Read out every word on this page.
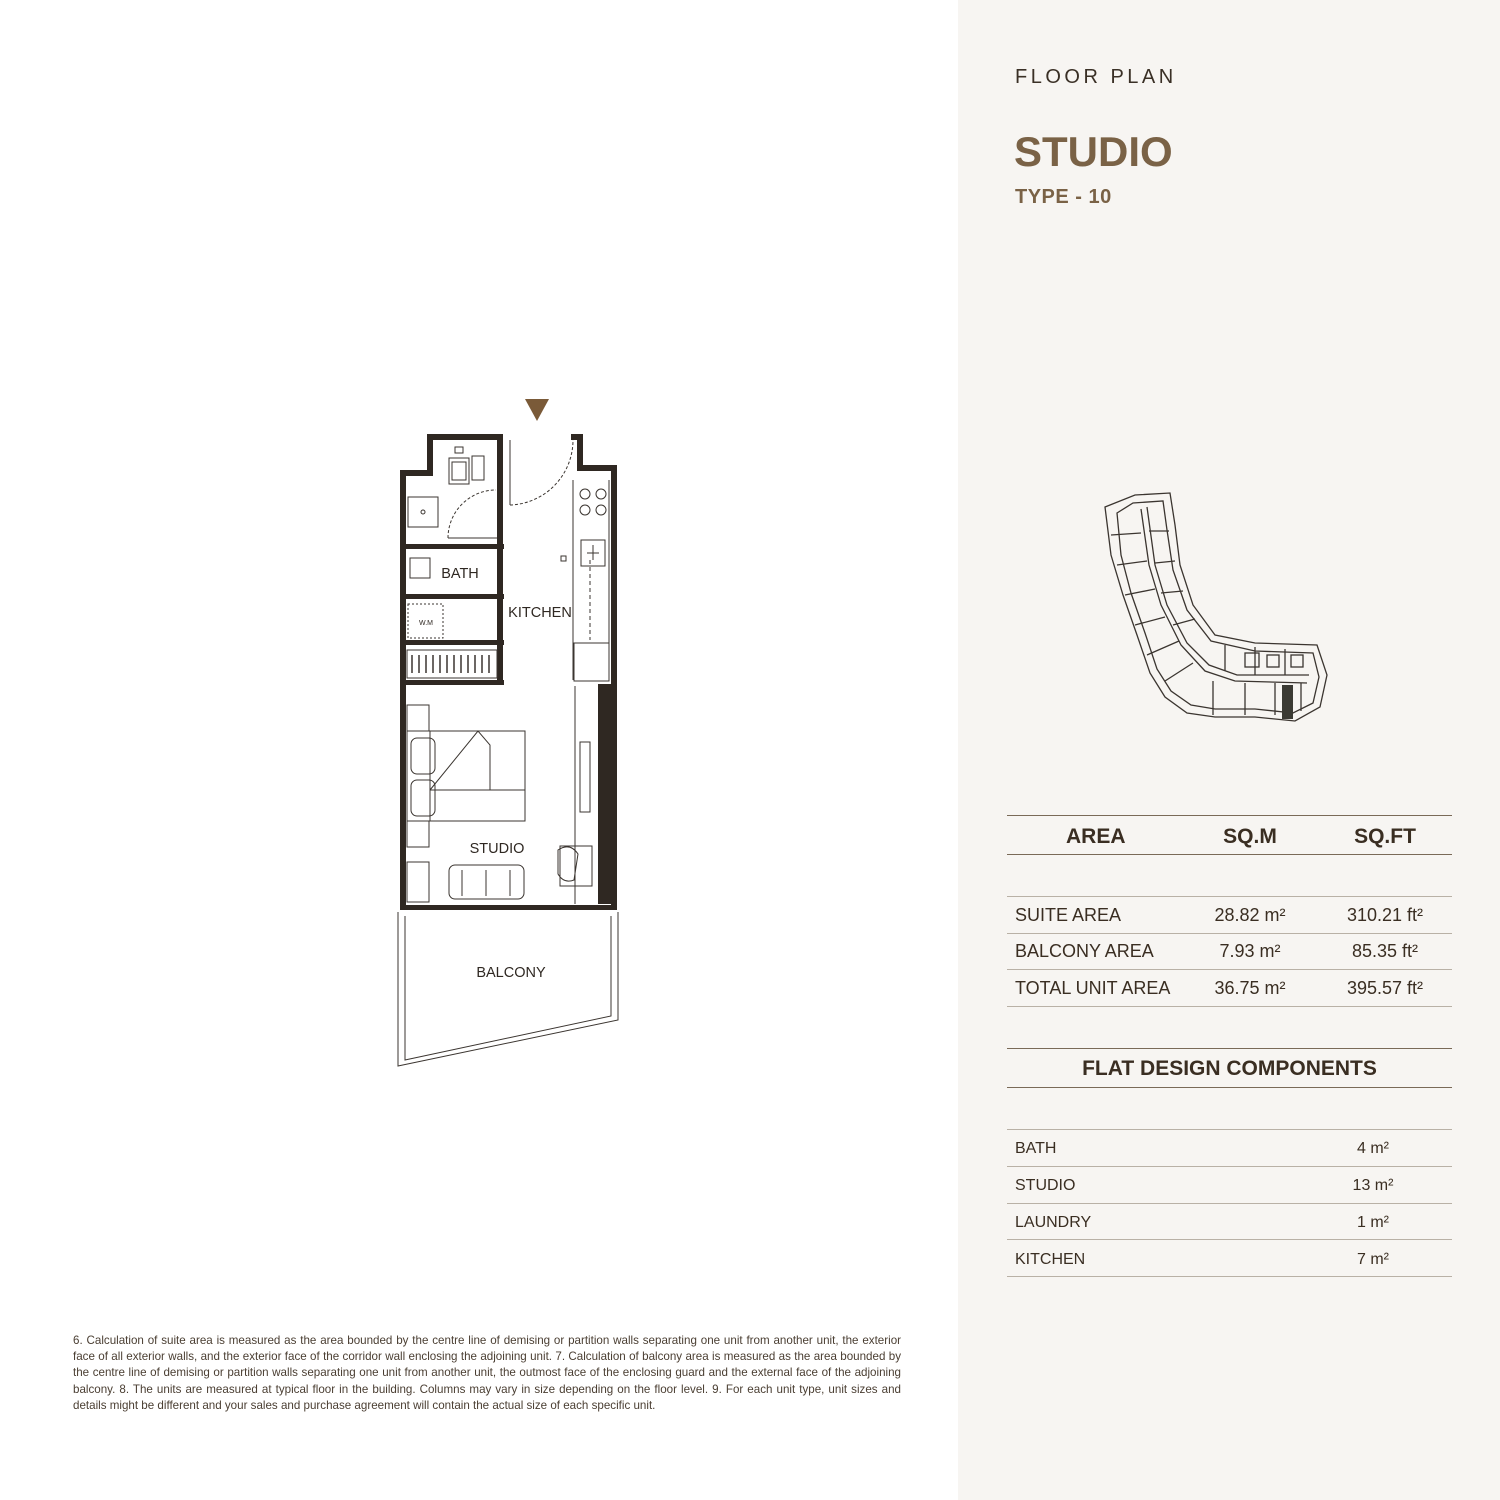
FLOOR PLAN
STUDIO
TYPE - 10
AREA	SQ.M	SQ.FT
SUITE AREA	28.82 m²	310.21 ft²
BALCONY AREA	7.93 m²	85.35 ft²
TOTAL UNIT AREA	36.75 m²	395.57 ft²
FLAT DESIGN COMPONENTS
BATH	4 m²
STUDIO	13 m²
LAUNDRY	1 m²
KITCHEN	7 m²
BATH
KITCHEN
STUDIO
BALCONY
W.M
6. Calculation of suite area is measured as the area bounded by the centre line of demising or partition walls separating one unit from another unit, the exterior face of all exterior walls, and the exterior face of the corridor wall enclosing the adjoining unit. 7. Calculation of balcony area is measured as the area bounded by the centre line of demising or partition walls separating one unit from another unit, the outmost face of the enclosing guard and the external face of the adjoining balcony. 8. The units are measured at typical floor in the building. Columns may vary in size depending on the floor level. 9. For each unit type, unit sizes and details might be different and your sales and purchase agreement will contain the actual size of each specific unit.
